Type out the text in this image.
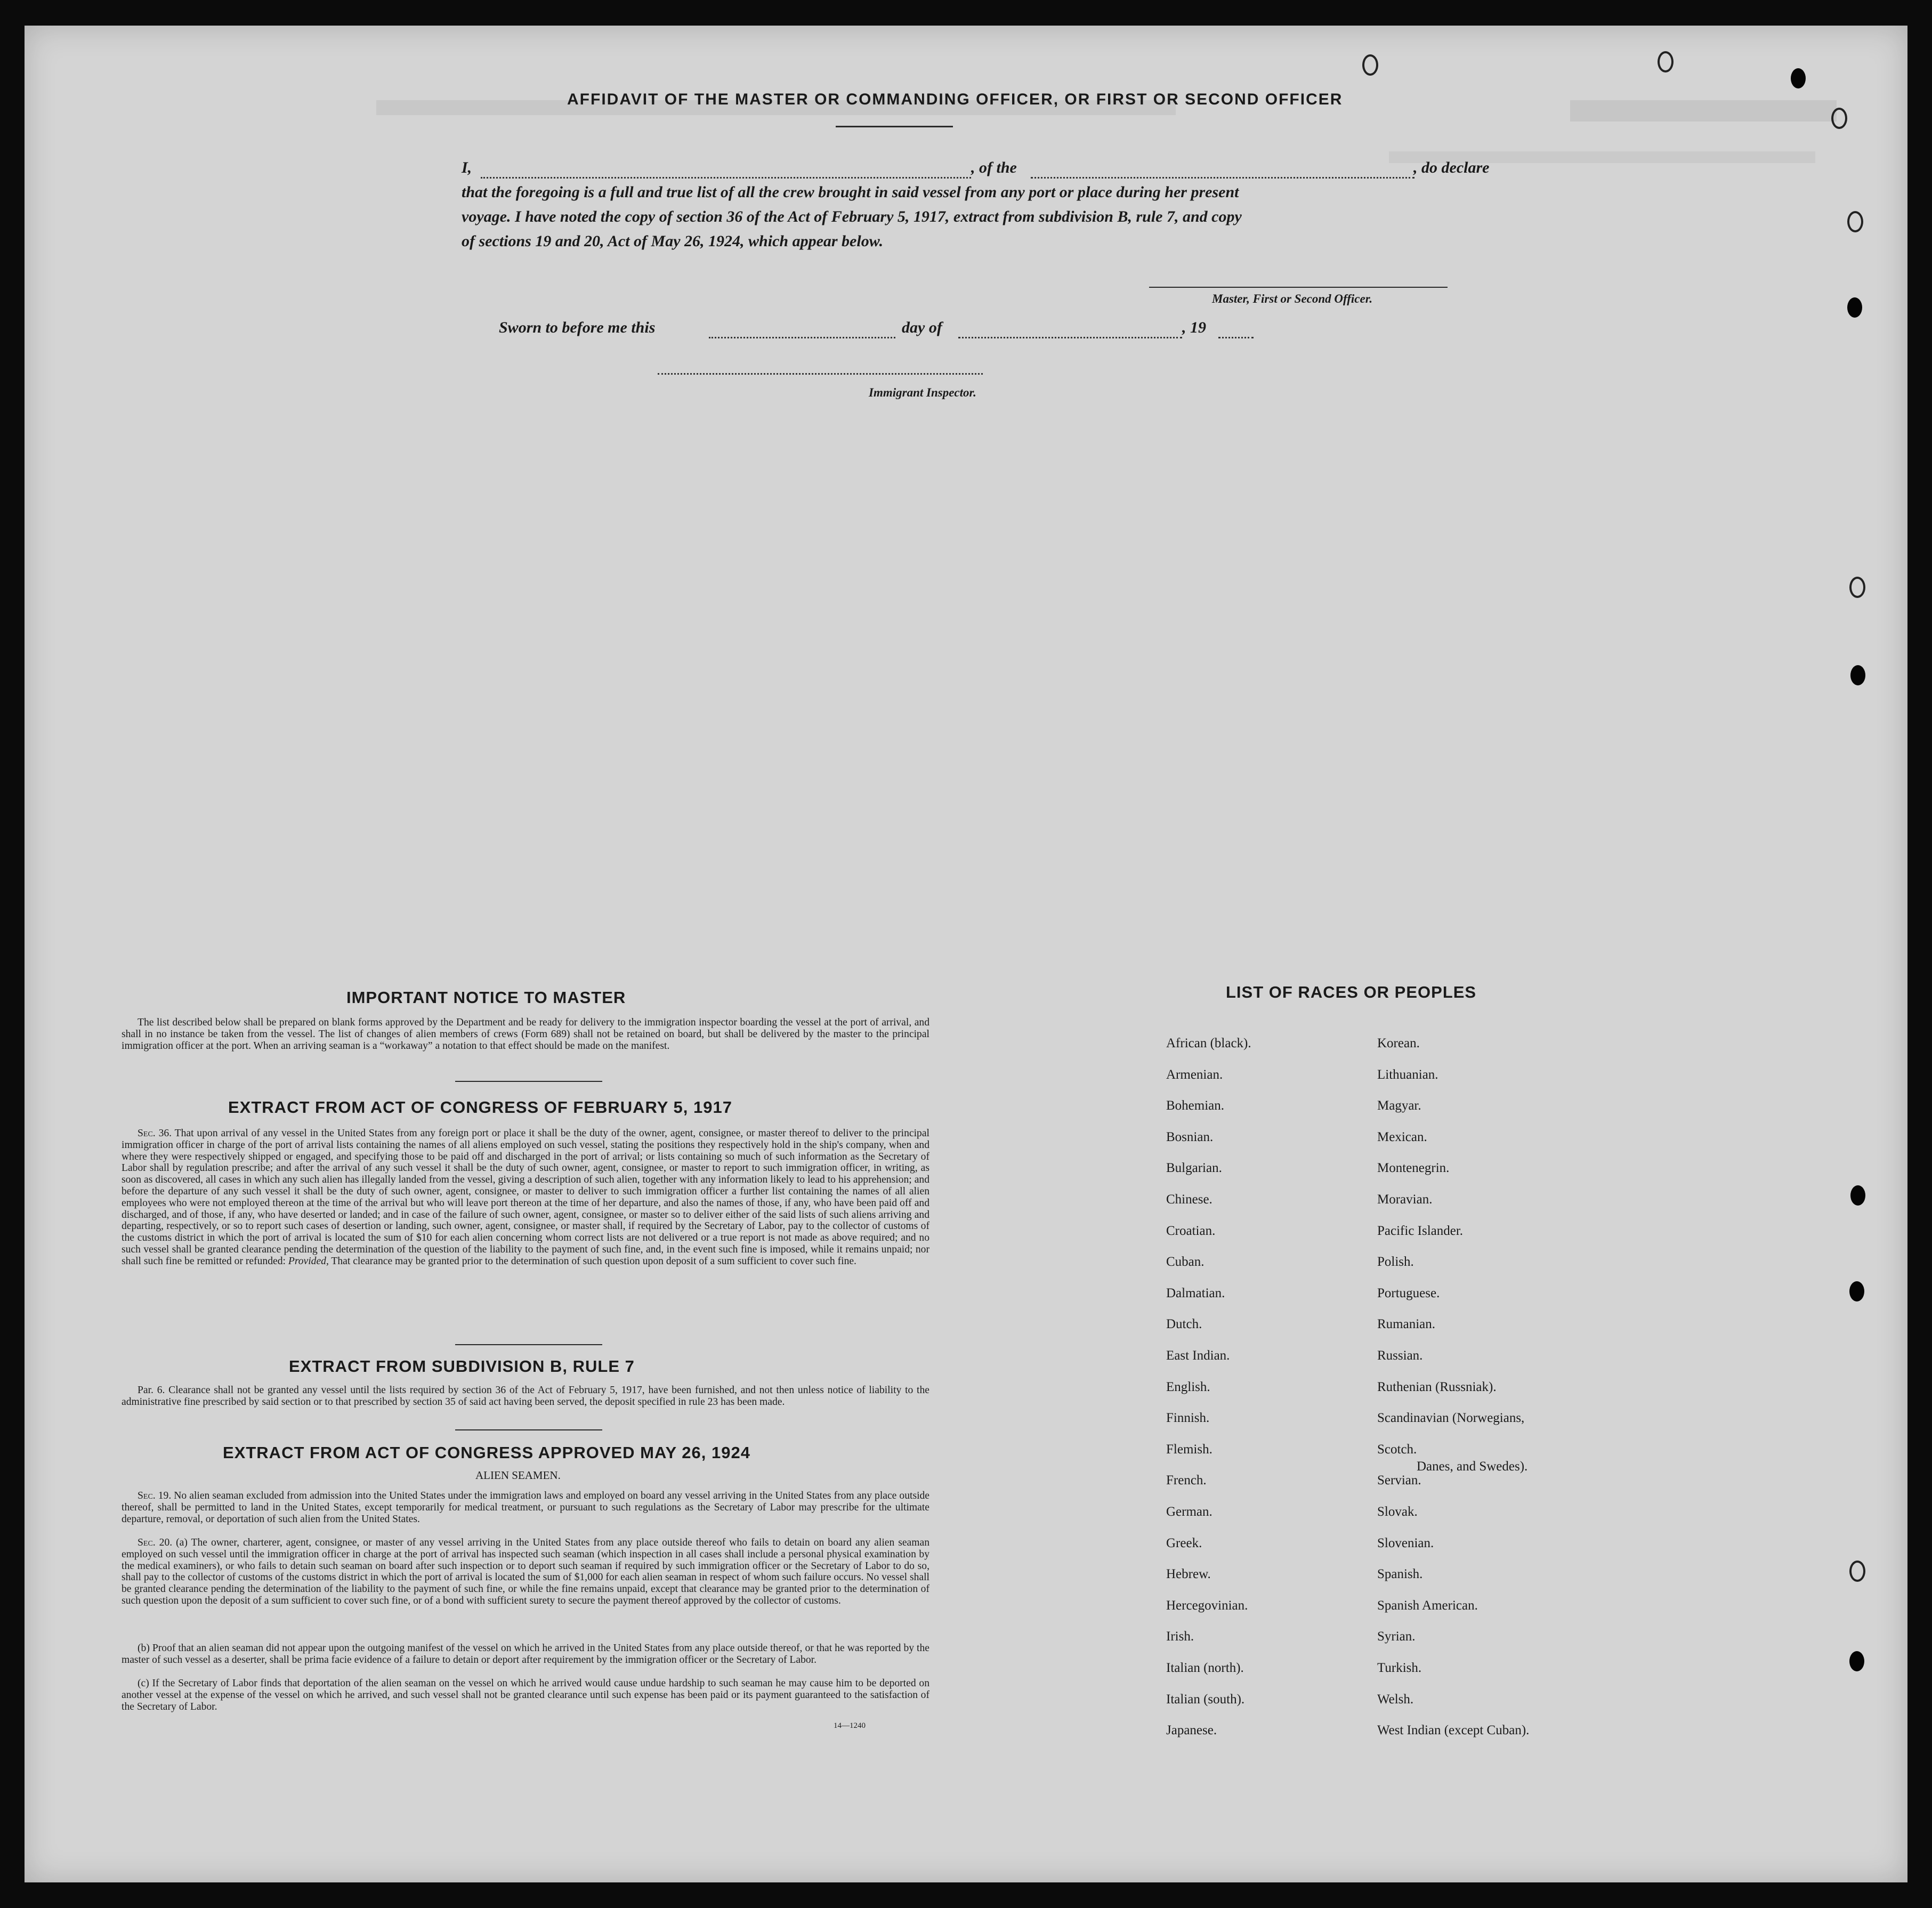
AFFIDAVIT OF THE MASTER OR COMMANDING OFFICER, OR FIRST OR SECOND OFFICER
I,	, of the	, do declare
that the foregoing is a full and true list of all the crew brought in said vessel from any port or place during her present
voyage. I have noted the copy of section 36 of the Act of February 5, 1917, extract from subdivision B, rule 7, and copy
of sections 19 and 20, Act of May 26, 1924, which appear below.
Master, First or Second Officer.
Sworn to before me this	day of	, 19
Immigrant Inspector.
IMPORTANT NOTICE TO MASTER
The list described below shall be prepared on blank forms approved by the Department and be ready for delivery to the immigration inspector boarding the vessel at the port of arrival, and shall in no instance be taken from the vessel. The list of changes of alien members of crews (Form 689) shall not be retained on board, but shall be delivered by the master to the principal immigration officer at the port. When an arriving seaman is a “workaway” a notation to that effect should be made on the manifest.
EXTRACT FROM ACT OF CONGRESS OF FEBRUARY 5, 1917
Sec. 36. That upon arrival of any vessel in the United States from any foreign port or place it shall be the duty of the owner, agent, consignee, or master thereof to deliver to the principal immigration officer in charge of the port of arrival lists containing the names of all aliens employed on such vessel, stating the positions they respectively hold in the ship's company, when and where they were respectively shipped or engaged, and specifying those to be paid off and discharged in the port of arrival; or lists containing so much of such information as the Secretary of Labor shall by regulation prescribe; and after the arrival of any such vessel it shall be the duty of such owner, agent, consignee, or master to report to such immigration officer, in writing, as soon as discovered, all cases in which any such alien has illegally landed from the vessel, giving a description of such alien, together with any information likely to lead to his apprehension; and before the departure of any such vessel it shall be the duty of such owner, agent, consignee, or master to deliver to such immigration officer a further list containing the names of all alien employees who were not employed thereon at the time of the arrival but who will leave port thereon at the time of her departure, and also the names of those, if any, who have been paid off and discharged, and of those, if any, who have deserted or landed; and in case of the failure of such owner, agent, consignee, or master so to deliver either of the said lists of such aliens arriving and departing, respectively, or so to report such cases of desertion or landing, such owner, agent, consignee, or master shall, if required by the Secretary of Labor, pay to the collector of customs of the customs district in which the port of arrival is located the sum of $10 for each alien concerning whom correct lists are not delivered or a true report is not made as above required; and no such vessel shall be granted clearance pending the determination of the question of the liability to the payment of such fine, and, in the event such fine is imposed, while it remains unpaid; nor shall such fine be remitted or refunded: Provided, That clearance may be granted prior to the determination of such question upon deposit of a sum sufficient to cover such fine.
EXTRACT FROM SUBDIVISION B, RULE 7
Par. 6. Clearance shall not be granted any vessel until the lists required by section 36 of the Act of February 5, 1917, have been furnished, and not then unless notice of liability to the administrative fine prescribed by said section or to that prescribed by section 35 of said act having been served, the deposit specified in rule 23 has been made.
EXTRACT FROM ACT OF CONGRESS APPROVED MAY 26, 1924
ALIEN SEAMEN.
Sec. 19. No alien seaman excluded from admission into the United States under the immigration laws and employed on board any vessel arriving in the United States from any place outside thereof, shall be permitted to land in the United States, except temporarily for medical treatment, or pursuant to such regulations as the Secretary of Labor may prescribe for the ultimate departure, removal, or deportation of such alien from the United States.
Sec. 20. (a) The owner, charterer, agent, consignee, or master of any vessel arriving in the United States from any place outside thereof who fails to detain on board any alien seaman employed on such vessel until the immigration officer in charge at the port of arrival has inspected such seaman (which inspection in all cases shall include a personal physical examination by the medical examiners), or who fails to detain such seaman on board after such inspection or to deport such seaman if required by such immigration officer or the Secretary of Labor to do so, shall pay to the collector of customs of the customs district in which the port of arrival is located the sum of $1,000 for each alien seaman in respect of whom such failure occurs. No vessel shall be granted clearance pending the determination of the liability to the payment of such fine, or while the fine remains unpaid, except that clearance may be granted prior to the determination of such question upon the deposit of a sum sufficient to cover such fine, or of a bond with sufficient surety to secure the payment thereof approved by the collector of customs.
(b) Proof that an alien seaman did not appear upon the outgoing manifest of the vessel on which he arrived in the United States from any place outside thereof, or that he was reported by the master of such vessel as a deserter, shall be prima facie evidence of a failure to detain or deport after requirement by the immigration officer or the Secretary of Labor.
(c) If the Secretary of Labor finds that deportation of the alien seaman on the vessel on which he arrived would cause undue hardship to such seaman he may cause him to be deported on another vessel at the expense of the vessel on which he arrived, and such vessel shall not be granted clearance until such expense has been paid or its payment guaranteed to the satisfaction of the Secretary of Labor.
14—1240
LIST OF RACES OR PEOPLES
African (black).
Armenian.
Bohemian.
Bosnian.
Bulgarian.
Chinese.
Croatian.
Cuban.
Dalmatian.
Dutch.
East Indian.
English.
Finnish.
Flemish.
French.
German.
Greek.
Hebrew.
Hercegovinian.
Irish.
Italian (north).
Italian (south).
Japanese.
Korean.
Lithuanian.
Magyar.
Mexican.
Montenegrin.
Moravian.
Pacific Islander.
Polish.
Portuguese.
Rumanian.
Russian.
Ruthenian (Russniak).
Scandinavian (Norwegians,
Scotch.
Servian.
Slovak.
Slovenian.
Spanish.
Spanish American.
Syrian.
Turkish.
Welsh.
West Indian (except Cuban).
Danes, and Swedes).
